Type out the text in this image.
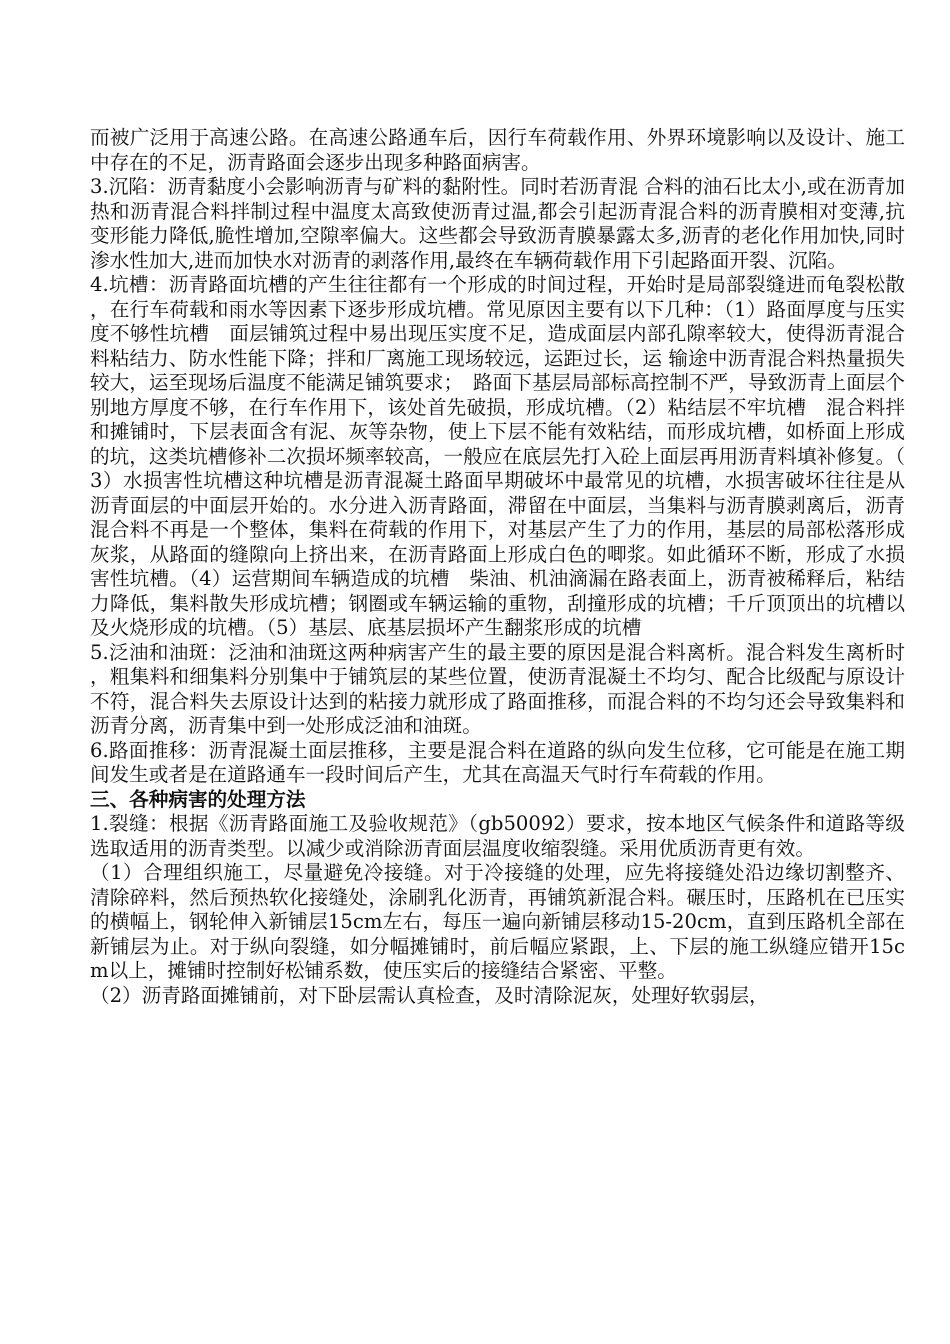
而被广泛用于高速公路。在高速公路通车后，因行车荷载作用、外界环境影响以及设计、施工中存在的不足，沥青路面会逐步出现多种路面病害。

3.沉陷：沥青黏度小会影响沥青与矿料的黏附性。同时若沥青混 合料的油石比太小,或在沥青加热和沥青混合料拌制过程中温度太高致使沥青过温,都会引起沥青混合料的沥青膜相对变薄,抗变形能力降低,脆性增加,空隙率偏大。这些都会导致沥青膜暴露太多,沥青的老化作用加快,同时渗水性加大,进而加快水对沥青的剥落作用,最终在车辆荷载作用下引起路面开裂、沉陷。

4.坑槽：沥青路面坑槽的产生往往都有一个形成的时间过程，开始时是局部裂缝进而龟裂松散，在行车荷载和雨水等因素下逐步形成坑槽。常见原因主要有以下几种：（1）路面厚度与压实度不够性坑槽　面层铺筑过程中易出现压实度不足，造成面层内部孔隙率较大，使得沥青混合料粘结力、防水性能下降；拌和厂离施工现场较远，运距过长，运 输途中沥青混合料热量损失较大，运至现场后温度不能满足铺筑要求；　路面下基层局部标高控制不严，导致沥青上面层个别地方厚度不够，在行车作用下，该处首先破损，形成坑槽。（2）粘结层不牢坑槽　混合料拌和摊铺时，下层表面含有泥、灰等杂物，使上下层不能有效粘结，而形成坑槽，如桥面上形成的坑，这类坑槽修补二次损坏频率较高，一般应在底层先打入砼上面层再用沥青料填补修复。（3）水损害性坑槽这种坑槽是沥青混凝土路面早期破坏中最常见的坑槽，水损害破坏往往是从沥青面层的中面层开始的。水分进入沥青路面，滞留在中面层，当集料与沥青膜剥离后，沥青混合料不再是一个整体，集料在荷载的作用下，对基层产生了力的作用，基层的局部松落形成灰浆，从路面的缝隙向上挤出来，在沥青路面上形成白色的唧浆。如此循环不断，形成了水损害性坑槽。（4）运营期间车辆造成的坑槽　柴油、机油滴漏在路表面上，沥青被稀释后，粘结力降低，集料散失形成坑槽；钢圈或车辆运输的重物，刮撞形成的坑槽；千斤顶顶出的坑槽以及火烧形成的坑槽。（5）基层、底基层损坏产生翻浆形成的坑槽

5.泛油和油斑：泛油和油斑这两种病害产生的最主要的原因是混合料离析。混合料发生离析时，粗集料和细集料分别集中于铺筑层的某些位置，使沥青混凝土不均匀、配合比级配与原设计不符，混合料失去原设计达到的粘接力就形成了路面推移，而混合料的不均匀还会导致集料和沥青分离，沥青集中到一处形成泛油和油斑。

6.路面推移：沥青混凝土面层推移，主要是混合料在道路的纵向发生位移，它可能是在施工期间发生或者是在道路通车一段时间后产生，尤其在高温天气时行车荷载的作用。

三、各种病害的处理方法

1.裂缝：根据《沥青路面施工及验收规范》（gb50092）要求，按本地区气候条件和道路等级选取适用的沥青类型。以减少或消除沥青面层温度收缩裂缝。采用优质沥青更有效。

（1）合理组织施工，尽量避免冷接缝。对于冷接缝的处理，应先将接缝处沿边缘切割整齐、清除碎料，然后预热软化接缝处，涂刷乳化沥青，再铺筑新混合料。碾压时，压路机在已压实的横幅上，钢轮伸入新铺层15cm左右，每压一遍向新铺层移动15-20cm，直到压路机全部在新铺层为止。对于纵向裂缝，如分幅摊铺时，前后幅应紧跟，上、下层的施工纵缝应错开15cm以上，摊铺时控制好松铺系数，使压实后的接缝结合紧密、平整。

（2）沥青路面摊铺前，对下卧层需认真检查，及时清除泥灰，处理好软弱层，
